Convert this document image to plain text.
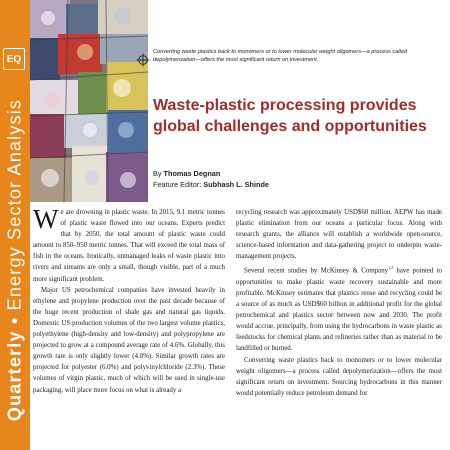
EQ
Quarterly • Energy Sector Analysis
Converting waste plastics back to monomers or to lower molecular weight oligomers—a process called depolymerization—offers the most significant return on investment.
Waste-plastic processing provides global challenges and opportunities
By Thomas Degnan
Feature Editor: Subhash L. Shinde

We are drowning in plastic waste. In 2015, 9.1 metric tonnes of plastic waste flowed into our oceans. Experts predict that by 2050, the total amount of plastic waste could amount to 850–950 metric tonnes. That will exceed the total mass of fish in the oceans. Ironically, unmanaged leaks of waste plastic into rivers and streams are only a small, though visible, part of a much more significant problem.

Major US petrochemical companies have invested heavily in ethylene and propylene production over the past decade because of the huge recent production of shale gas and natural gas liquids. Domestic US production volumes of the two largest volume plastics, polyethylene (high-density and low-density) and polypropylene are projected to grow at a compound average rate of 4.6%. Globally, this growth rate is only slightly lower (4.0%). Similar growth rates are projected for polyester (6.0%) and polyvinylchloride (2.3%). These volumes of virgin plastic, much of which will be used in single-use packaging, will place more focus on what is already a

recycling research was approximately USD$60 million. AEPW has made plastic elimination from our oceans a particular focus. Along with research grants, the alliance will establish a worldwide open-source, science-based information and data-gathering project to underpin waste-management projects.

Several recent studies by McKinsey & Company$^{1,2}$ have pointed to opportunities to make plastic waste recovery sustainable and more profitable. McKinsey estimates that plastics reuse and recycling could be a source of as much as USD$60 billion in additional profit for the global petrochemical and plastics sector between now and 2030. The profit would accrue, principally, from using the hydrocarbons in waste plastic as feedstocks for chemical plants and refineries rather than as material to be landfilled or burned.

Converting waste plastics back to monomers or to lower molecular weight oligomers—a process called depolymerization—offers the most significant return on investment. Sourcing hydrocarbons in this manner would potentially reduce petroleum demand for
